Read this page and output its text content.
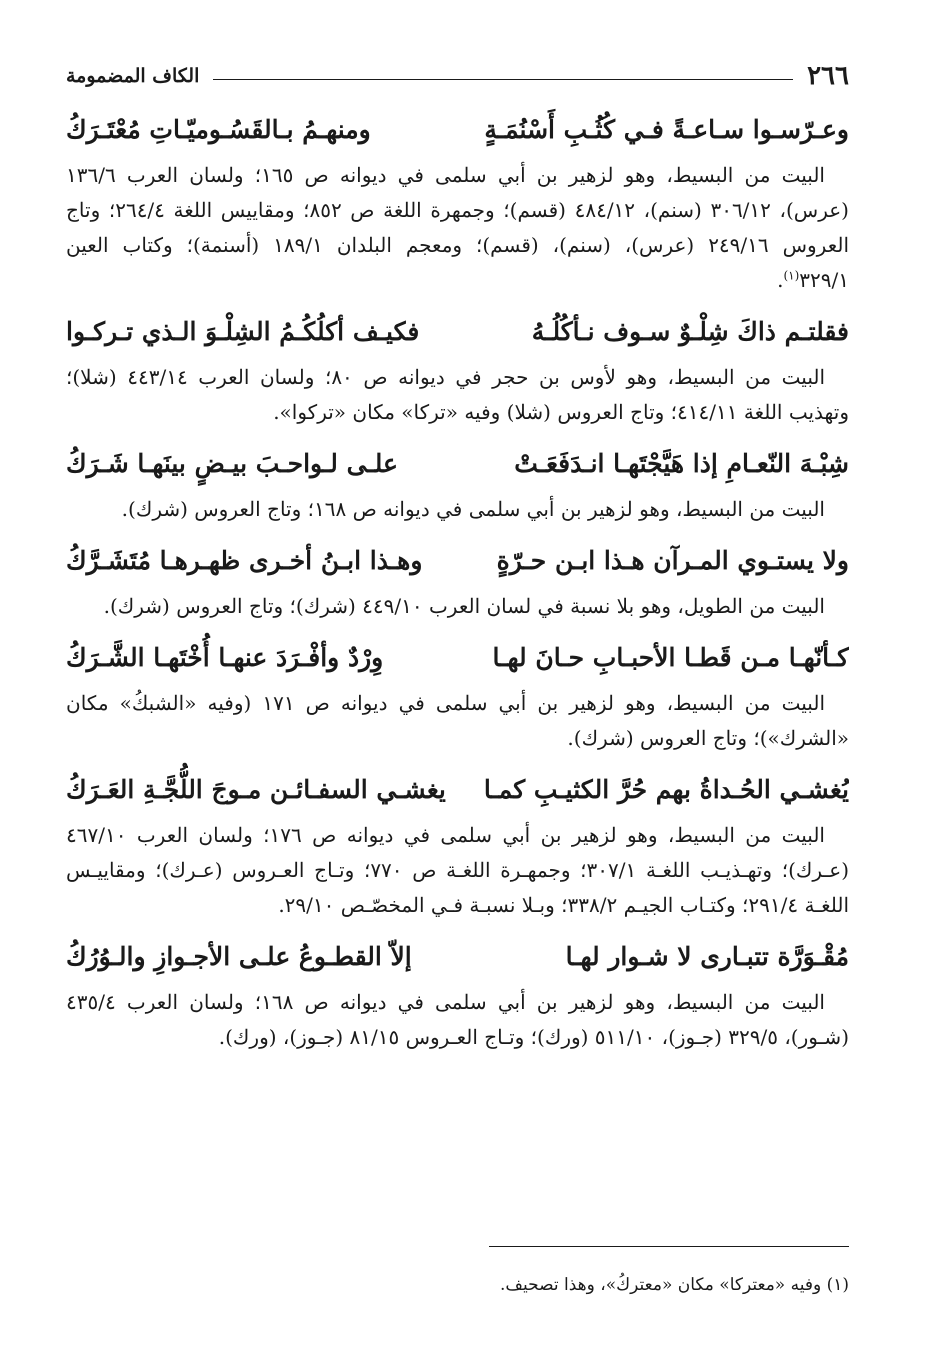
٢٦٦
الكاف المضمومة
وعـرّسـوا سـاعـةً فـي كُثُـبِ أَسْنُمَـةٍ
ومنهـمُ بـالقَسُـوميّـاتِ مُعْتَـرَكُ

البيت من البسيط، وهو لزهير بن أبي سلمى في ديوانه ص ١٦٥؛ ولسان العرب ١٣٦/٦ (عرس)، ٣٠٦/١٢ (سنم)، ٤٨٤/١٢ (قسم)؛ وجمهرة اللغة ص ٨٥٢؛ ومقاييس اللغة ٢٦٤/٤؛ وتاج العروس ٢٤٩/١٦ (عرس)، (سنم)، (قسم)؛ ومعجم البلدان ١٨٩/١ (أسنمة)؛ وكتاب العين ٣٢٩/١$^{(١)}$.

فقلتـم ذاكَ شِلْـوٌ سـوف نـأكُلُـهُ
فكيـف أكلُكُـمُ الشِلْـوَ الـذي تـركـوا

البيت من البسيط، وهو لأوس بن حجر في ديوانه ص ٨٠؛ ولسان العرب ٤٤٣/١٤ (شلا)؛ وتهذيب اللغة ٤١٤/١١؛ وتاج العروس (شلا) وفيه «تركا» مكان «تركوا».

شِبْـهَ النّعـامِ إذا هَيَّجْتَهـا انـدَفَعَـتْ
علـى لـواحـبَ بيـضٍ بينَهـا شَـرَكُ

البيت من البسيط، وهو لزهير بن أبي سلمى في ديوانه ص ١٦٨؛ وتاج العروس (شرك).

ولا يستـوي المـرآن هـذا ابـن حـرّةٍ
وهـذا ابـنُ أخـرى ظهـرهـا مُتَشَـرَّكُ

البيت من الطويل، وهو بلا نسبة في لسان العرب ٤٤٩/١٠ (شرك)؛ وتاج العروس (شرك).

كـأنّهـا مـن قَطـا الأحبـابِ حـانَ لهـا
وِرْدٌ وأفْـرَدَ عنهـا أُخْتَهـا الشَّـرَكُ

البيت من البسيط، وهو لزهير بن أبي سلمى في ديوانه ص ١٧١ (وفيه «الشبكُ» مكان «الشرك»)؛ وتاج العروس (شرك).

يُغشـي الحُـداةُ بهم حُرَّ الكثيـبِ كمـا
يغشـي السفـائـن مـوجَ اللُّجَّـةِ العَـرَكُ

البيت من البسيط، وهو لزهير بن أبي سلمى في ديوانه ص ١٧٦؛ ولسان العرب ٤٦٧/١٠ (عـرك)؛ وتهـذيـب اللغـة ٣٠٧/١؛ وجمهـرة اللغـة ص ٧٧٠؛ وتـاج العـروس (عـرك)؛ ومقاييـس اللغـة ٢٩١/٤؛ وكتـاب الجيـم ٣٣٨/٢؛ وبـلا نسبـة فـي المخصّـص ٢٩/١٠.

مُقْـوَرَّة تتبـارى لا شـوار لهـا
إلاّ القطـوعُ علـى الأجـوازِ والـوُرُكُ

البيت من البسيط، وهو لزهير بن أبي سلمى في ديوانه ص ١٦٨؛ ولسان العرب ٤٣٥/٤ (شـور)، ٣٢٩/٥ (جـوز)، ٥١١/١٠ (ورك)؛ وتـاج العـروس ٨١/١٥ (جـوز)، (ورك).

(١) وفيه «معتركا» مكان «معتركُ»، وهذا تصحيف.
